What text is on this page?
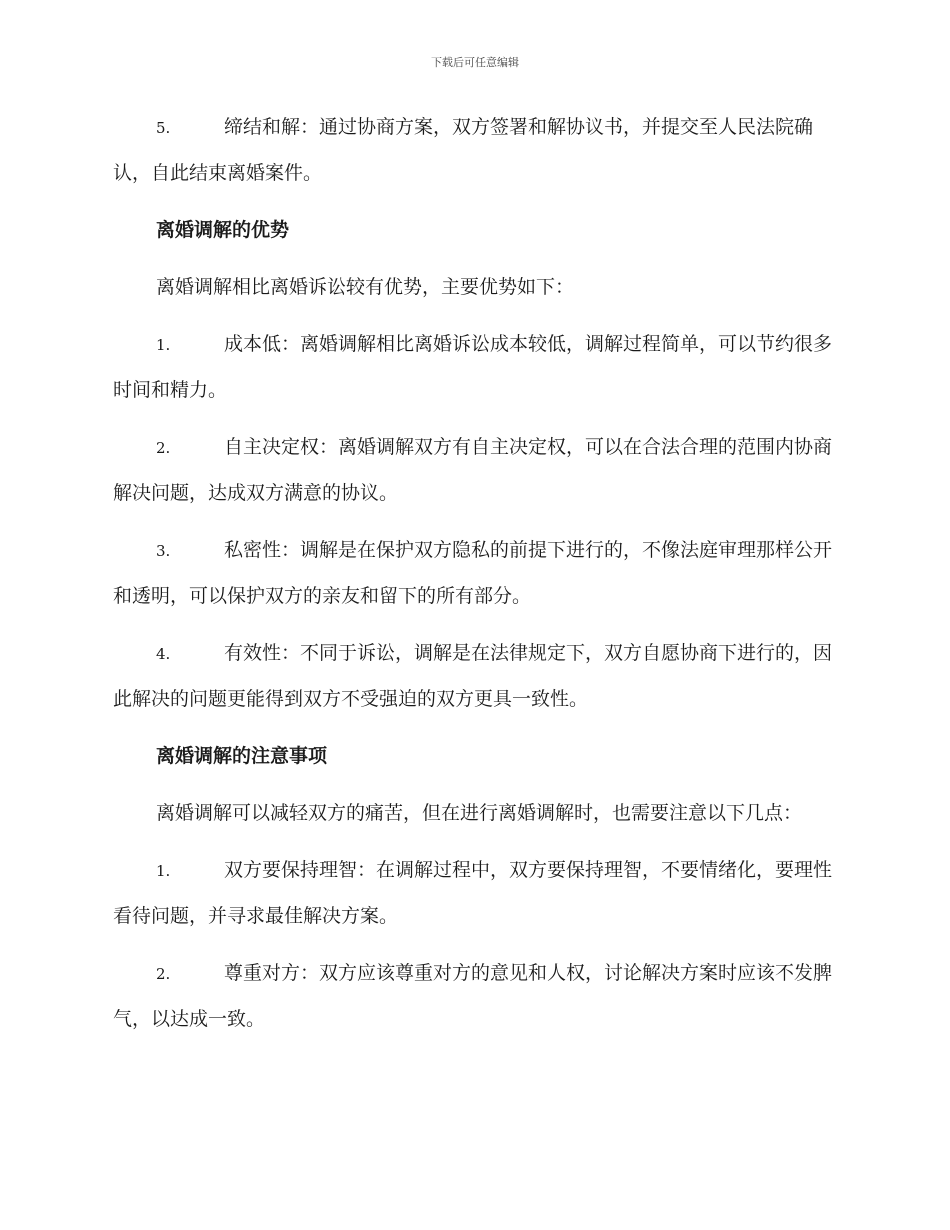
下载后可任意编辑
5.	缔结和解：通过协商方案，双方签署和解协议书，并提交至人民法院确认，自此结束离婚案件。
离婚调解的优势
离婚调解相比离婚诉讼较有优势，主要优势如下：
1.	成本低：离婚调解相比离婚诉讼成本较低，调解过程简单，可以节约很多时间和精力。
2.	自主决定权：离婚调解双方有自主决定权，可以在合法合理的范围内协商解决问题，达成双方满意的协议。
3.	私密性：调解是在保护双方隐私的前提下进行的，不像法庭审理那样公开和透明，可以保护双方的亲友和留下的所有部分。
4.	有效性：不同于诉讼，调解是在法律规定下，双方自愿协商下进行的，因此解决的问题更能得到双方不受强迫的双方更具一致性。
离婚调解的注意事项
离婚调解可以减轻双方的痛苦，但在进行离婚调解时，也需要注意以下几点：
1.	双方要保持理智：在调解过程中，双方要保持理智，不要情绪化，要理性看待问题，并寻求最佳解决方案。
2.	尊重对方：双方应该尊重对方的意见和人权，讨论解决方案时应该不发脾气，以达成一致。
